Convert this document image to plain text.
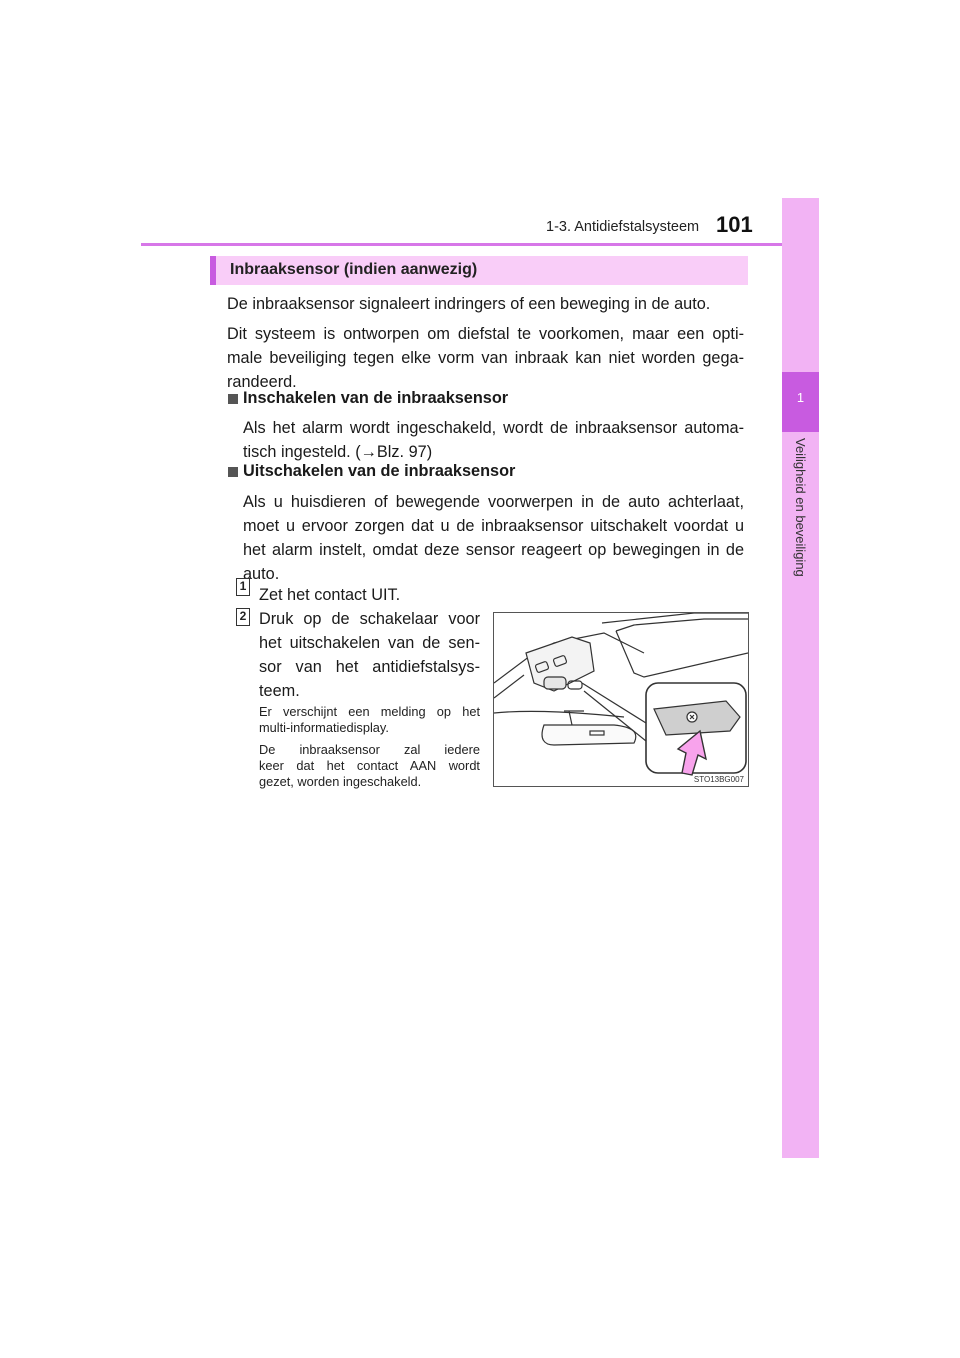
1-3. Antidiefstalsysteem 101
1
Veiligheid en beveiliging
Inbraaksensor (indien aanwezig)
De inbraaksensor signaleert indringers of een beweging in de auto.
Dit systeem is ontworpen om diefstal te voorkomen, maar een opti-
male beveiliging tegen elke vorm van inbraak kan niet worden gega-
randeerd.
Inschakelen van de inbraaksensor
Als het alarm wordt ingeschakeld, wordt de inbraaksensor automa-
tisch ingesteld. (→Blz. 97)
Uitschakelen van de inbraaksensor
Als u huisdieren of bewegende voorwerpen in de auto achterlaat,
moet u ervoor zorgen dat u de inbraaksensor uitschakelt voordat u
het alarm instelt, omdat deze sensor reageert op bewegingen in de
auto.
1 Zet het contact UIT.
2 Druk op de schakelaar voor
het uitschakelen van de sen-
sor van het antidiefstalsys-
teem.
Er verschijnt een melding op het
multi-informatiedisplay.
De inbraaksensor zal iedere
keer dat het contact AAN wordt
gezet, worden ingeschakeld.	STO13BG007
